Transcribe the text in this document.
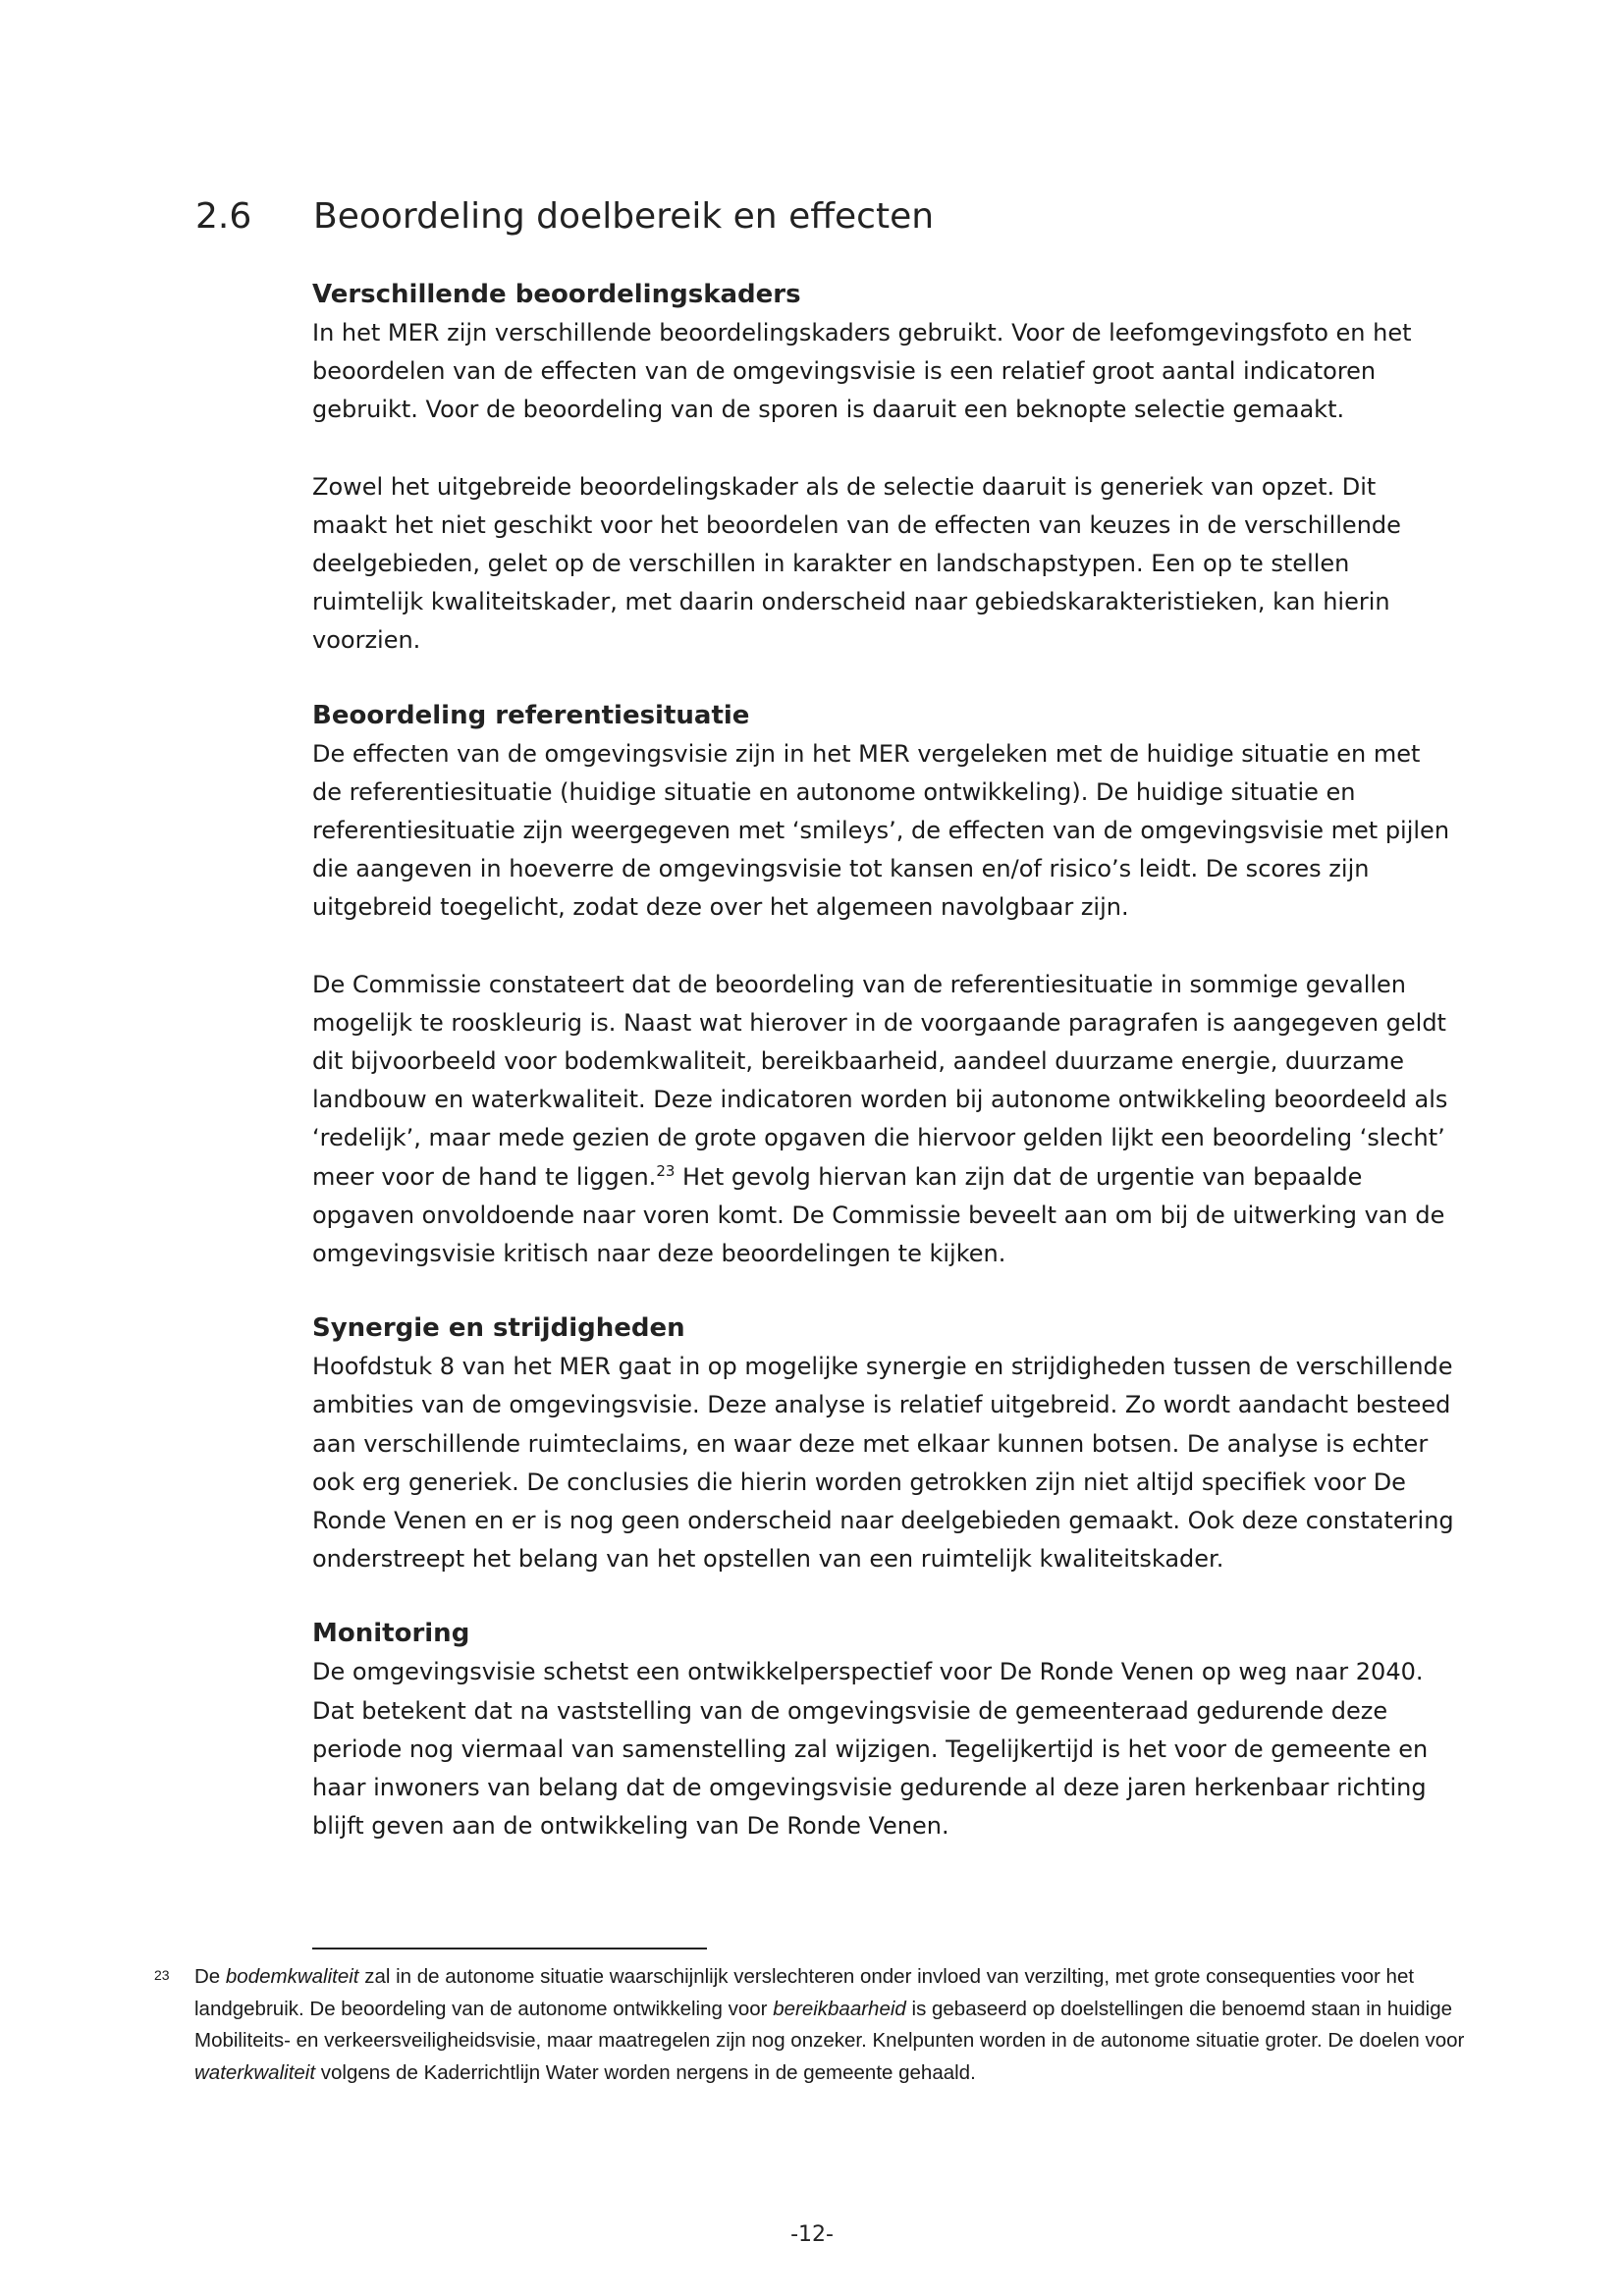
2.6 Beoordeling doelbereik en effecten
Verschillende beoordelingskaders

In het MER zijn verschillende beoordelingskaders gebruikt. Voor de leefomgevingsfoto en het beoordelen van de effecten van de omgevingsvisie is een relatief groot aantal indicatoren gebruikt. Voor de beoordeling van de sporen is daaruit een beknopte selectie gemaakt.

Zowel het uitgebreide beoordelingskader als de selectie daaruit is generiek van opzet. Dit maakt het niet geschikt voor het beoordelen van de effecten van keuzes in de verschillende deelgebieden, gelet op de verschillen in karakter en landschapstypen. Een op te stellen ruimtelijk kwaliteitskader, met daarin onderscheid naar gebiedskarakteristieken, kan hierin voorzien.

Beoordeling referentiesituatie

De effecten van de omgevingsvisie zijn in het MER vergeleken met de huidige situatie en met de referentiesituatie (huidige situatie en autonome ontwikkeling). De huidige situatie en referentiesituatie zijn weergegeven met ‘smileys’, de effecten van de omgevingsvisie met pijlen die aangeven in hoeverre de omgevingsvisie tot kansen en/of risico’s leidt. De scores zijn uitgebreid toegelicht, zodat deze over het algemeen navolgbaar zijn.

De Commissie constateert dat de beoordeling van de referentiesituatie in sommige gevallen mogelijk te rooskleurig is. Naast wat hierover in de voorgaande paragrafen is aangegeven geldt dit bijvoorbeeld voor bodemkwaliteit, bereikbaarheid, aandeel duurzame energie, duurzame landbouw en waterkwaliteit. Deze indicatoren worden bij autonome ontwikkeling beoordeeld als ‘redelijk’, maar mede gezien de grote opgaven die hiervoor gelden lijkt een beoordeling ‘slecht’ meer voor de hand te liggen.$^{23}$ Het gevolg hiervan kan zijn dat de urgentie van bepaalde opgaven onvoldoende naar voren komt. De Commissie beveelt aan om bij de uitwerking van de omgevingsvisie kritisch naar deze beoordelingen te kijken.

Synergie en strijdigheden

Hoofdstuk 8 van het MER gaat in op mogelijke synergie en strijdigheden tussen de verschillende ambities van de omgevingsvisie. Deze analyse is relatief uitgebreid. Zo wordt aandacht besteed aan verschillende ruimteclaims, en waar deze met elkaar kunnen botsen. De analyse is echter ook erg generiek. De conclusies die hierin worden getrokken zijn niet altijd specifiek voor De Ronde Venen en er is nog geen onderscheid naar deelgebieden gemaakt. Ook deze constatering onderstreept het belang van het opstellen van een ruimtelijk kwaliteitskader.

Monitoring

De omgevingsvisie schetst een ontwikkelperspectief voor De Ronde Venen op weg naar 2040. Dat betekent dat na vaststelling van de omgevingsvisie de gemeenteraad gedurende deze periode nog viermaal van samenstelling zal wijzigen. Tegelijkertijd is het voor de gemeente en haar inwoners van belang dat de omgevingsvisie gedurende al deze jaren herkenbaar richting blijft geven aan de ontwikkeling van De Ronde Venen.

23 De bodemkwaliteit zal in de autonome situatie waarschijnlijk verslechteren onder invloed van verzilting, met grote consequenties voor het landgebruik. De beoordeling van de autonome ontwikkeling voor bereikbaarheid is gebaseerd op doelstellingen die benoemd staan in huidige Mobiliteits- en verkeersveiligheidsvisie, maar maatregelen zijn nog onzeker. Knelpunten worden in de autonome situatie groter. De doelen voor waterkwaliteit volgens de Kaderrichtlijn Water worden nergens in de gemeente gehaald.
-12-
